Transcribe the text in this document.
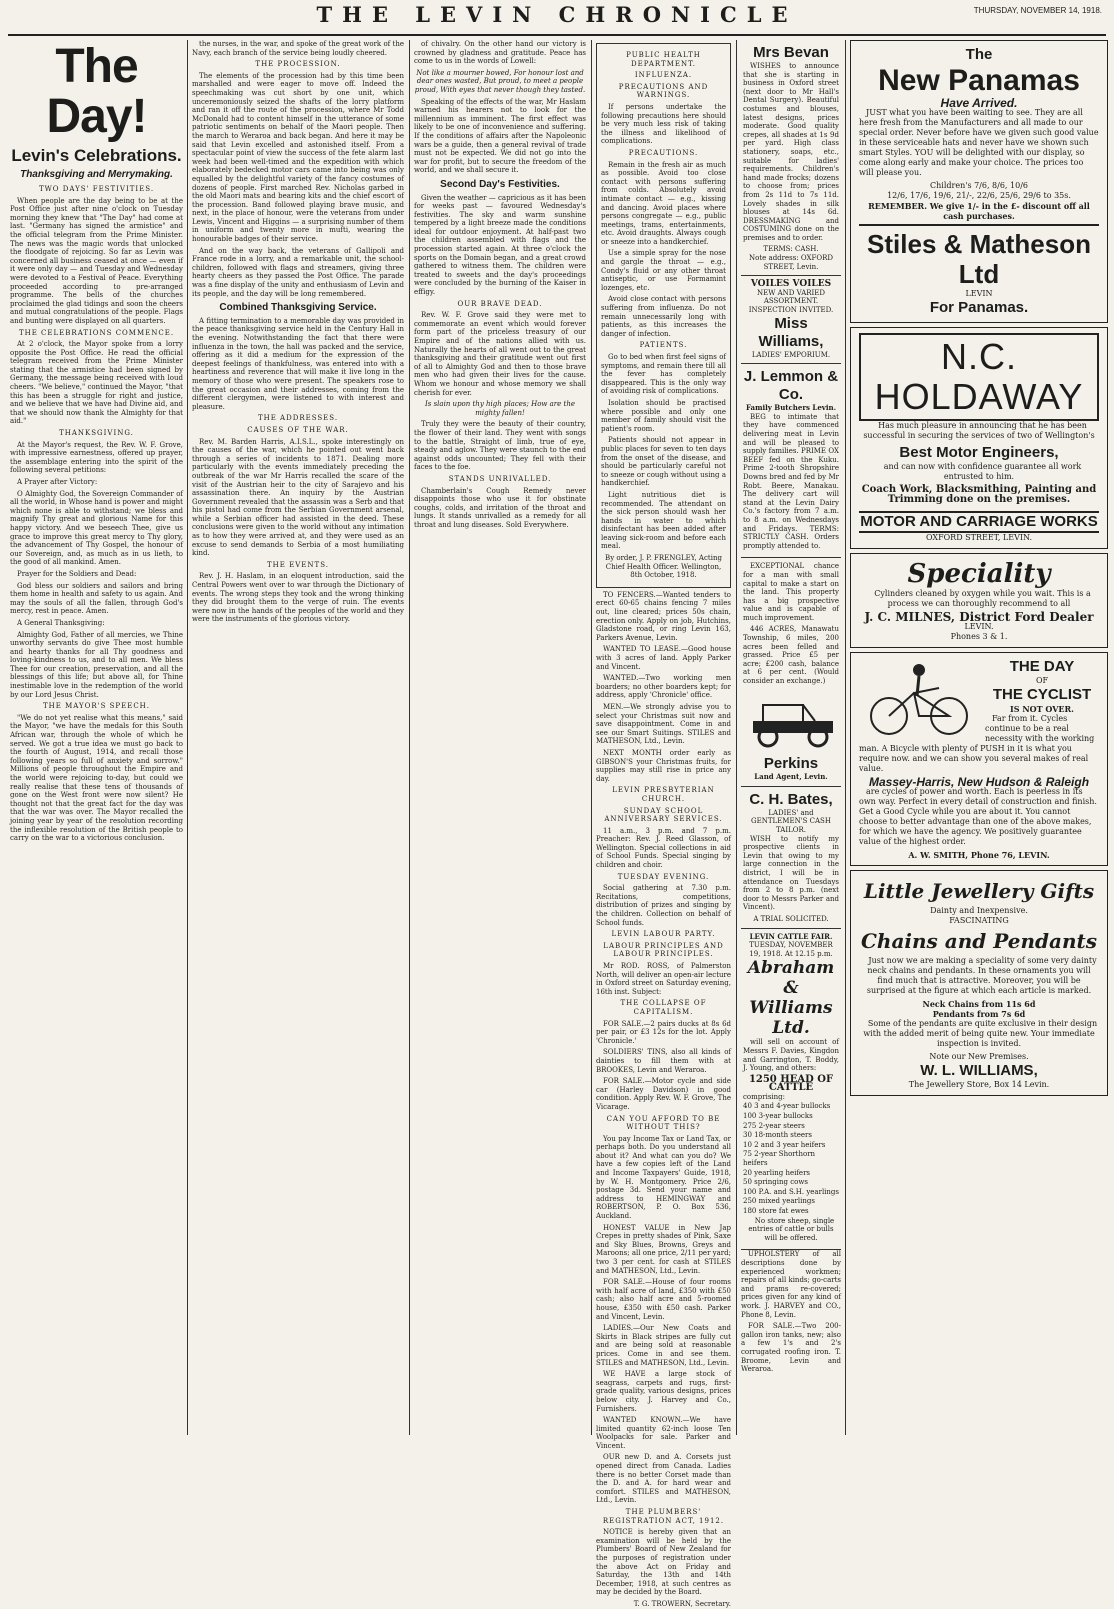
THE LEVIN CHRONICLE	THURSDAY, NOVEMBER 14, 1918.
The Day!
Levin's Celebrations.
Thanksgiving and Merrymaking.
TWO DAYS' FESTIVITIES.

When people are the day being to be at the Post Office just after nine o'clock on Tuesday morning they knew that "The Day" had come at last. "Germany has signed the armistice" and the official telegram from the Prime Minister. The news was the magic words that unlocked the floodgate of rejoicing. So far as Levin was concerned all business ceased at once — even if it were only day — and Tuesday and Wednesday were devoted to a Festival of Peace. Everything proceeded according to pre-arranged programme. The bells of the churches proclaimed the glad tidings and soon the cheers and mutual congratulations of the people. Flags and bunting were displayed on all quarters.

THE CELEBRATIONS COMMENCE.

At 2 o'clock, the Mayor spoke from a lorry opposite the Post Office. He read the official telegram received from the Prime Minister stating that the armistice had been signed by Germany, the message being received with loud cheers. "We believe," continued the Mayor, "that this has been a struggle for right and justice, and we believe that we have had Divine aid, and that we should now thank the Almighty for that aid."

THANKSGIVING.

At the Mayor's request, the Rev. W. F. Grove, with impressive earnestness, offered up prayer, the assemblage entering into the spirit of the following several petitions:

A Prayer after Victory:

O Almighty God, the Sovereign Commander of all the world, in Whose hand is power and might which none is able to withstand; we bless and magnify Thy great and glorious Name for this happy victory. And we beseech Thee, give us grace to improve this great mercy to Thy glory, the advancement of Thy Gospel, the honour of our Sovereign, and, as much as in us lieth, to the good of all mankind. Amen.

Prayer for the Soldiers and Dead:

God bless our soldiers and sailors and bring them home in health and safety to us again. And may the souls of all the fallen, through God's mercy, rest in peace. Amen.

A General Thanksgiving:

Almighty God, Father of all mercies, we Thine unworthy servants do give Thee most humble and hearty thanks for all Thy goodness and loving-kindness to us, and to all men. We bless Thee for our creation, preservation, and all the blessings of this life; but above all, for Thine inestimable love in the redemption of the world by our Lord Jesus Christ.

THE MAYOR'S SPEECH.

"We do not yet realise what this means," said the Mayor, "we have the medals for this South African war, through the whole of which he served. We got a true idea we must go back to the fourth of August, 1914, and recall those following years so full of anxiety and sorrow." Millions of people throughout the Empire and the world were rejoicing to-day, but could we really realise that these tens of thousands of gone on the West front were now silent? He thought not that the great fact for the day was that the war was over. The Mayor recalled the joining year by year of the resolution recording the inflexible resolution of the British people to carry on the war to a victorious conclusion.

the nurses, in the war, and spoke of the great work of the Navy, each branch of the service being loudly cheered.

THE PROCESSION.

The elements of the procession had by this time been marshalled and were eager to move off. Indeed the speechmaking was cut short by one unit, which unceremoniously seized the shafts of the lorry platform and ran it off the route of the procession, where Mr Todd McDonald had to content himself in the utterance of some patriotic sentiments on behalf of the Maori people. Then the march to Weraroa and back began. And here it may be said that Levin excelled and astonished itself. From a spectacular point of view the success of the fete alarm last week had been well-timed and the expedition with which elaborately bedecked motor cars came into being was only equalled by the delightful variety of the fancy costumes of dozens of people. First marched Rev. Nicholas garbed in the old Maori mats and bearing kits and the chief escort of the procession. Band followed playing brave music, and next, in the place of honour, were the veterans from under Lewis, Vincent and Higgins — a surprising number of them in uniform and twenty more in mufti, wearing the honourable badges of their service.

And on the way back, the veterans of Gallipoli and France rode in a lorry, and a remarkable unit, the school-children, followed with flags and streamers, giving three hearty cheers as they passed the Post Office. The parade was a fine display of the unity and enthusiasm of Levin and its people, and the day will be long remembered.

Combined Thanksgiving Service.

A fitting termination to a memorable day was provided in the peace thanksgiving service held in the Century Hall in the evening. Notwithstanding the fact that there were influenza in the town, the hall was packed and the service, offering as it did a medium for the expression of the deepest feelings of thankfulness, was entered into with a heartiness and reverence that will make it live long in the memory of those who were present. The speakers rose to the great occasion and their addresses, coming from the different clergymen, were listened to with interest and pleasure.

THE ADDRESSES.
CAUSES OF THE WAR.

Rev. M. Barden Harris, A.I.S.L., spoke interestingly on the causes of the war, which he pointed out went back through a series of incidents to 1871. Dealing more particularly with the events immediately preceding the outbreak of the war Mr Harris recalled the scare of the visit of the Austrian heir to the city of Sarajevo and his assassination there. An inquiry by the Austrian Government revealed that the assassin was a Serb and that his pistol had come from the Serbian Government arsenal, while a Serbian officer had assisted in the deed. These conclusions were given to the world without any intimation as to how they were arrived at, and they were used as an excuse to send demands to Serbia of a most humiliating kind.

THE EVENTS.

Rev. J. H. Haslam, in an eloquent introduction, said the Central Powers went over to war through the Dictionary of events. The wrong steps they took and the wrong thinking they did brought them to the verge of ruin. The events were now in the hands of the peoples of the world and they were the instruments of the glorious victory.

of chivalry. On the other hand our victory is crowned by gladness and gratitude. Peace has come to us in the words of Lowell:

Not like a mourner bowed, For honour lost and dear ones wasted, But proud, to meet a people proud, With eyes that never though they tasted.

Speaking of the effects of the war, Mr Haslam warned his hearers not to look for the millennium as imminent. The first effect was likely to be one of inconvenience and suffering. If the conditions of affairs after the Napoleonic wars be a guide, then a general revival of trade must not be expected. We did not go into the war for profit, but to secure the freedom of the world, and we shall secure it.

Second Day's Festivities.

Given the weather — capricious as it has been for weeks past — favoured Wednesday's festivities. The sky and warm sunshine tempered by a light breeze made the conditions ideal for outdoor enjoyment. At half-past two the children assembled with flags and the procession started again. At three o'clock the sports on the Domain began, and a great crowd gathered to witness them. The children were treated to sweets and the day's proceedings were concluded by the burning of the Kaiser in effigy.

OUR BRAVE DEAD.

Rev. W. F. Grove said they were met to commemorate an event which would forever form part of the priceless treasury of our Empire and of the nations allied with us. Naturally the hearts of all went out to the great thanksgiving and their gratitude went out first of all to Almighty God and then to those brave men who had given their lives for the cause. Whom we honour and whose memory we shall cherish for ever.

Is slain upon thy high places; How are the mighty fallen!

Truly they were the beauty of their country, the flower of their land. They went with songs to the battle, Straight of limb, true of eye, steady and aglow. They were staunch to the end against odds uncounted; They fell with their faces to the foe.

STANDS UNRIVALLED.

Chamberlain's Cough Remedy never disappoints those who use it for obstinate coughs, colds, and irritation of the throat and lungs. It stands unrivalled as a remedy for all throat and lung diseases. Sold Everywhere.

PUBLIC HEALTH DEPARTMENT.
INFLUENZA.
PRECAUTIONS AND WARNINGS.

If persons undertake the following precautions here should be very much less risk of taking the illness and likelihood of complications.

PRECAUTIONS.

Remain in the fresh air as much as possible. Avoid too close contact with persons suffering from colds. Absolutely avoid intimate contact — e.g., kissing and dancing. Avoid places where persons congregate — e.g., public meetings, trams, entertainments, etc. Avoid draughts. Always cough or sneeze into a handkerchief.

Use a simple spray for the nose and gargle the throat — e.g., Condy's fluid or any other throat antiseptic, or use Formamint lozenges, etc.

Avoid close contact with persons suffering from influenza. Do not remain unnecessarily long with patients, as this increases the danger of infection.

PATIENTS.

Go to bed when first feel signs of symptoms, and remain there till all the fever has completely disappeared. This is the only way of avoiding risk of complications.

Isolation should be practised where possible and only one member of family should visit the patient's room.

Patients should not appear in public places for seven to ten days from the onset of the disease, and should be particularly careful not to sneeze or cough without using a handkerchief.

Light nutritious diet is recommended. The attendant on the sick person should wash her hands in water to which disinfectant has been added after leaving sick-room and before each meal.

By order, J. P. FRENGLEY, Acting Chief Health Officer. Wellington, 8th October, 1918.

TO FENCERS.—Wanted tenders to erect 60-65 chains fencing 7 miles out, line cleared; prices 50s chain, erection only. Apply on job, Hutchins, Gladstone road, or ring Levin 163, Parkers Avenue, Levin.

WANTED TO LEASE.—Good house with 3 acres of land. Apply Parker and Vincent.

WANTED.—Two working men boarders; no other boarders kept; for address, apply 'Chronicle' office.

MEN.—We strongly advise you to select your Christmas suit now and save disappointment. Come in and see our Smart Suitings. STILES and MATHESON, Ltd., Levin.

NEXT MONTH order early as GIBSON'S your Christmas fruits, for supplies may still rise in price any day.

LEVIN PRESBYTERIAN CHURCH.
SUNDAY SCHOOL ANNIVERSARY SERVICES.

11 a.m., 3 p.m. and 7 p.m. Preacher: Rev. J. Reed Glasson, of Wellington. Special collections in aid of School Funds. Special singing by children and choir.

TUESDAY EVENING.

Social gathering at 7.30 p.m. Recitations, competitions, distribution of prizes and singing by the children. Collection on behalf of School funds.

LEVIN LABOUR PARTY.
LABOUR PRINCIPLES AND LABOUR PRINCIPLES.

Mr ROD. ROSS, of Palmerston North, will deliver an open-air lecture in Oxford street on Saturday evening, 16th inst. Subject:

THE COLLAPSE OF CAPITALISM.

FOR SALE.—2 pairs ducks at 8s 6d per pair, or £3 12s for the lot. Apply 'Chronicle.'

SOLDIERS' TINS, also all kinds of dainties to fill them with at BROOKES, Levin and Weraroa.

FOR SALE.—Motor cycle and side car (Harley Davidson) in good condition. Apply Rev. W. F. Grove, The Vicarage.

CAN YOU AFFORD TO BE WITHOUT THIS?

You pay Income Tax or Land Tax, or perhaps both. Do you understand all about it? And what can you do? We have a few copies left of the Land and Income Taxpayers' Guide, 1918, by W. H. Montgomery. Price 2/6, postage 3d. Send your name and address to HEMINGWAY and ROBERTSON, P. O. Box 536, Auckland.

HONEST VALUE in New Jap Crepes in pretty shades of Pink, Saxe and Sky Blues, Browns, Greys and Maroons; all one price, 2/11 per yard; two 3 per cent. for cash at STILES and MATHESON, Ltd., Levin.

FOR SALE.—House of four rooms with half acre of land, £350 with £50 cash; also half acre and 5-roomed house, £350 with £50 cash. Parker and Vincent, Levin.

LADIES.—Our New Coats and Skirts in Black stripes are fully cut and are being sold at reasonable prices. Come in and see them. STILES and MATHESON, Ltd., Levin.

WE HAVE a large stock of seagrass, carpets and rugs, first-grade quality, various designs, prices below city. J. Harvey and Co., Furnishers.

WANTED KNOWN.—We have limited quantity 62-inch loose Ten Woolpacks for sale. Parker and Vincent.

OUR new D. and A. Corsets just opened direct from Canada. Ladies there is no better Corset made than the D. and A. for hard wear and comfort. STILES and MATHESON, Ltd., Levin.

THE PLUMBERS' REGISTRATION ACT, 1912.

NOTICE is hereby given that an examination will be held by the Plumbers' Board of New Zealand for the purposes of registration under the above Act on Friday and Saturday, the 13th and 14th December, 1918, at such centres as may be decided by the Board.

T. G. TROWERN, Secretary.

Mrs Bevan

WISHES to announce that she is starting in business in Oxford street (next door to Mr Hall's Dental Surgery). Beautiful costumes and blouses, latest designs, prices moderate. Good quality crepes, all shades at 1s 9d per yard. High class stationery, soaps, etc., suitable for ladies' requirements. Children's hand made frocks; dozens to choose from; prices from 2s 11d to 7s 11d. Lovely shades in silk blouses at 14s 6d. DRESSMAKING and COSTUMING done on the premises and to order.

TERMS: CASH.
Note address: OXFORD STREET, Levin.
VOILES VOILES
NEW AND VARIED ASSORTMENT. INSPECTION INVITED.
Miss Williams,
LADIES' EMPORIUM.
J. Lemmon & Co.
Family Butchers Levin.

BEG to intimate that they have commenced delivering meat in Levin and will be pleased to supply families. PRIME OX BEEF fed on the Kuku. Prime 2-tooth Shropshire Downs bred and fed by Mr Robt. Beere, Manakau. The delivery cart will stand at the Levin Dairy Co.'s factory from 7 a.m. to 8 a.m. on Wednesdays and Fridays. TERMS: STRICTLY CASH. Orders promptly attended to.

EXCEPTIONAL chance for a man with small capital to make a start on the land. This property has a big prospective value and is capable of much improvement.

446 ACRES, Manawatu Township, 6 miles, 200 acres been felled and grassed. Price £5 per acre; £200 cash, balance at 6 per cent. (Would consider an exchange.)

Perkins
Land Agent, Levin.
C. H. Bates,
LADIES' and GENTLEMEN'S CASH TAILOR.

WISH to notify my prospective clients in Levin that owing to my large connection in the district, I will be in attendance on Tuesdays from 2 to 8 p.m. (next door to Messrs Parker and Vincent).

A TRIAL SOLICITED.
LEVIN CATTLE FAIR.
TUESDAY, NOVEMBER 19, 1918. At 12.15 p.m.
Abraham & Williams Ltd.

will sell on account of Messrs F. Davies, Kingdon and Garrington, T. Boddy, J. Young, and others:

1250 HEAD OF CATTLE
comprising:
40 3 and 4-year bullocks
100 3-year bullocks
275 2-year steers
30 18-month steers
10 2 and 3 year heifers
75 2-year Shorthorn heifers
20 yearling heifers
50 springing cows
100 P.A. and S.H. yearlings
250 mixed yearlings
180 store fat ewes

No store sheep, single entries of cattle or bulls will be offered.

UPHOLSTERY of all descriptions done by experienced workmen; repairs of all kinds; go-carts and prams re-covered; prices given for any kind of work. J. HARVEY and CO., Phone 8, Levin.

FOR SALE.—Two 200-gallon iron tanks, new; also a few 1's and 2's corrugated roofing iron. T. Broome, Levin and Weraroa.

The
New Panamas
Have Arrived.

JUST what you have been waiting to see. They are all here fresh from the Manufacturers and all made to our special order. Never before have we given such good value in these serviceable hats and never have we shown such smart Styles. YOU will be delighted with our display, so come along early and make your choice. The prices too will please you.

Children's 7/6, 8/6, 10/6
12/6, 17/6, 19/6, 21/-, 22/6, 25/6, 29/6 to 35s.
REMEMBER. We give 1/- in the £- discount off all cash purchases.
Stiles & Matheson Ltd
LEVIN
For Panamas.
N.C. HOLDAWAY

Has much pleasure in announcing that he has been successful in securing the services of two of Wellington's

Best Motor Engineers,

and can now with confidence guarantee all work entrusted to him.

Coach Work, Blacksmithing, Painting and Trimming done on the premises.
MOTOR AND CARRIAGE WORKS
OXFORD STREET, LEVIN.
Speciality

Cylinders cleaned by oxygen while you wait. This is a process we can thoroughly recommend to all

J. C. MILNES, District Ford Dealer
LEVIN.
Phones 3 & 1.
THE DAY
OF
THE CYCLIST
IS NOT OVER.

Far from it. Cycles continue to be a real necessity with the working man. A Bicycle with plenty of PUSH in it is what you require now. and we can show you several makes of real value.

Massey-Harris, New Hudson & Raleigh

are cycles of power and worth. Each is peerless in its own way. Perfect in every detail of construction and finish. Get a Good Cycle while you are about it. You cannot choose to better advantage than one of the above makes, for which we have the agency. We positively guarantee value of the highest order.

A. W. SMITH, Phone 76, LEVIN.
Little Jewellery Gifts
Dainty and Inexpensive.
FASCINATING
Chains and Pendants

Just now we are making a speciality of some very dainty neck chains and pendants. In these ornaments you will find much that is attractive. Moreover, you will be surprised at the figure at which each article is marked.

Neck Chains from 11s 6d
Pendants from 7s 6d

Some of the pendants are quite exclusive in their design with the added merit of being quite new. Your immediate inspection is invited.

Note our New Premises.
W. L. WILLIAMS,
The Jewellery Store, Box 14 Levin.
